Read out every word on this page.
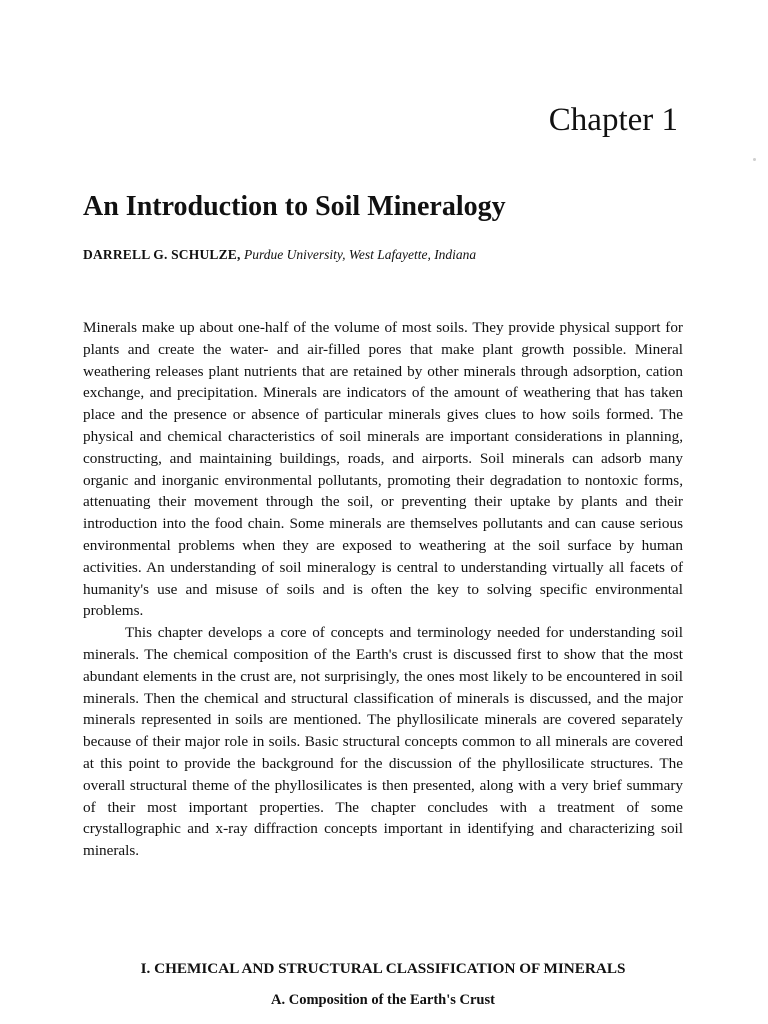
Chapter 1
An Introduction to Soil Mineralogy
DARRELL G. SCHULZE, Purdue University, West Lafayette, Indiana

Minerals make up about one-half of the volume of most soils. They provide physical support for plants and create the water- and air-filled pores that make plant growth possible. Mineral weathering releases plant nutrients that are retained by other minerals through adsorption, cation exchange, and precipitation. Minerals are indicators of the amount of weathering that has taken place and the presence or absence of particular minerals gives clues to how soils formed. The physical and chemical characteristics of soil minerals are important considerations in planning, constructing, and maintaining buildings, roads, and airports. Soil minerals can adsorb many organic and inorganic environmental pollutants, promoting their degradation to nontoxic forms, attenuating their movement through the soil, or preventing their uptake by plants and their introduction into the food chain. Some minerals are themselves pollutants and can cause serious environmental problems when they are exposed to weathering at the soil surface by human activities. An understanding of soil mineralogy is central to understanding virtually all facets of humanity's use and misuse of soils and is often the key to solving specific environmental problems.

This chapter develops a core of concepts and terminology needed for understanding soil minerals. The chemical composition of the Earth's crust is discussed first to show that the most abundant elements in the crust are, not surprisingly, the ones most likely to be encountered in soil minerals. Then the chemical and structural classification of minerals is discussed, and the major minerals represented in soils are mentioned. The phyllosilicate minerals are covered separately because of their major role in soils. Basic structural concepts common to all minerals are covered at this point to provide the background for the discussion of the phyllosilicate structures. The overall structural theme of the phyllosilicates is then presented, along with a very brief summary of their most important properties. The chapter concludes with a treatment of some crystallographic and x-ray diffraction concepts important in identifying and characterizing soil minerals.

I. CHEMICAL AND STRUCTURAL CLASSIFICATION OF MINERALS
A. Composition of the Earth's Crust
